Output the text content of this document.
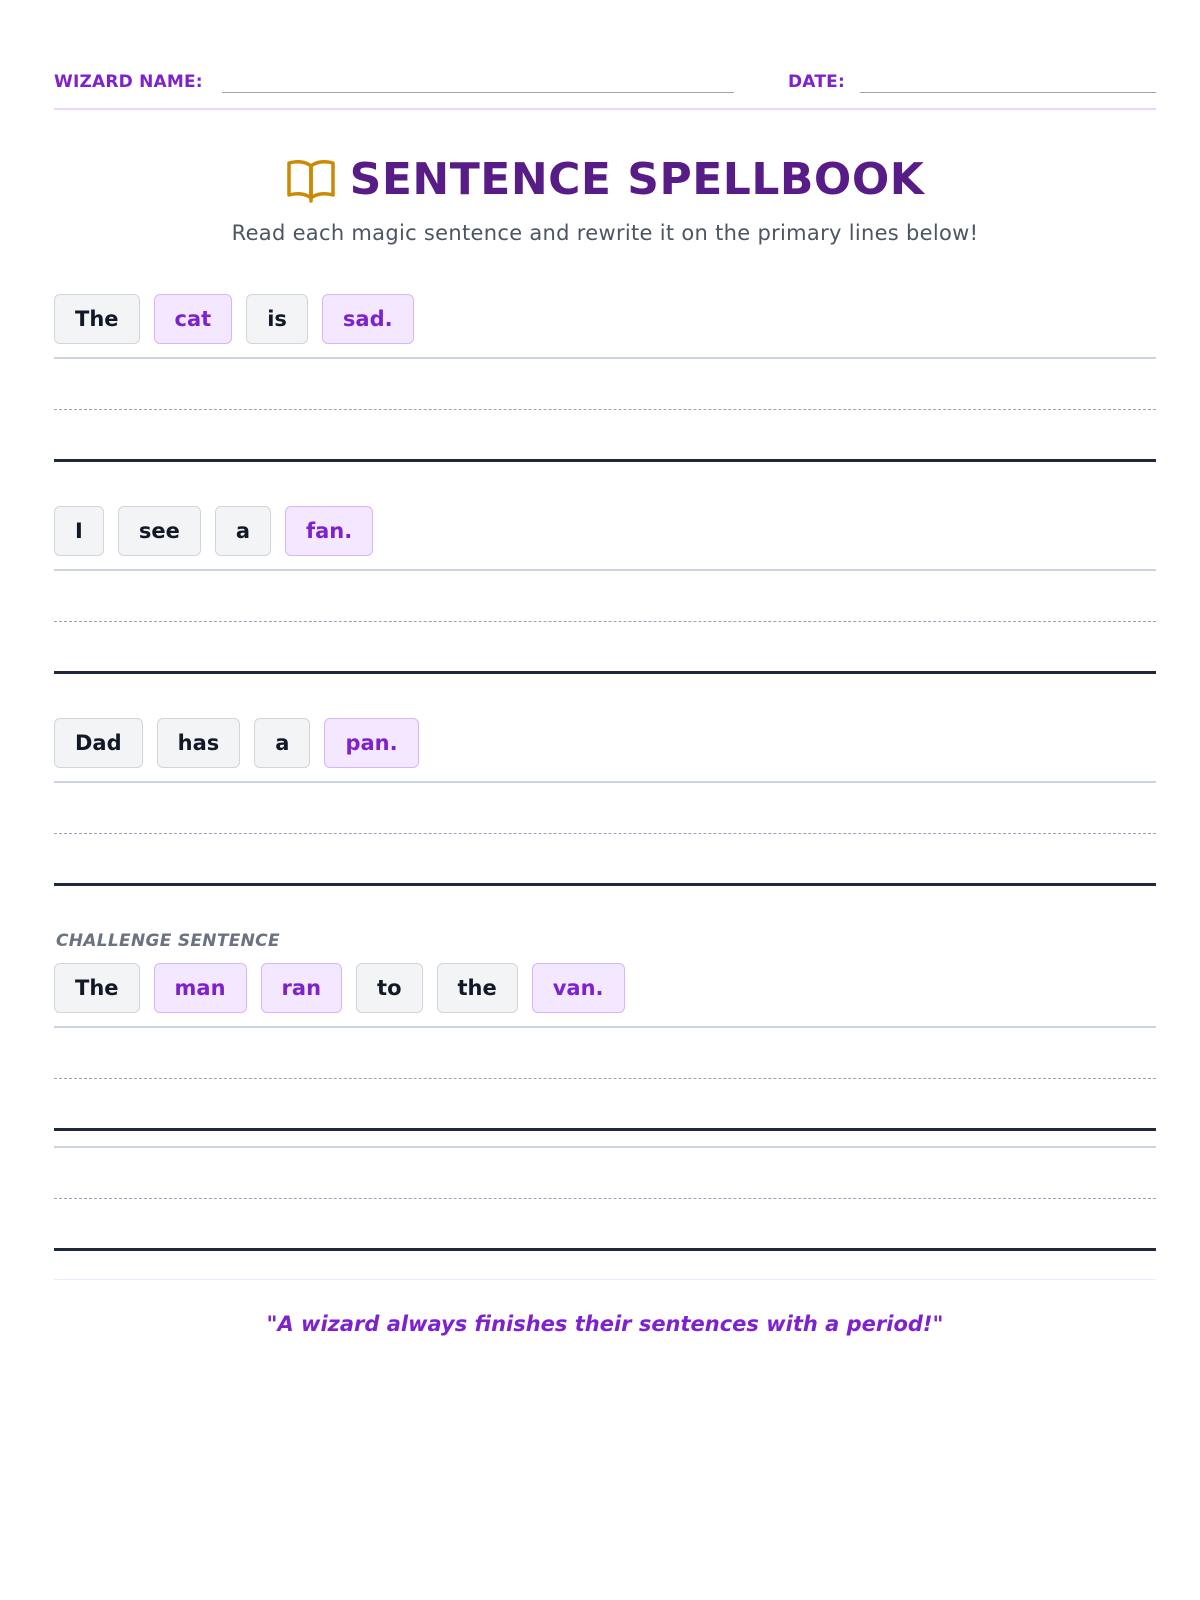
WIZARD NAME:	DATE:
SENTENCE SPELLBOOK
Read each magic sentence and rewrite it on the primary lines below!
The	cat	is	sad.
I	see	a	fan.
Dad	has	a	pan.
CHALLENGE SENTENCE
The	man	ran	to	the	van.
"A wizard always finishes their sentences with a period!"
